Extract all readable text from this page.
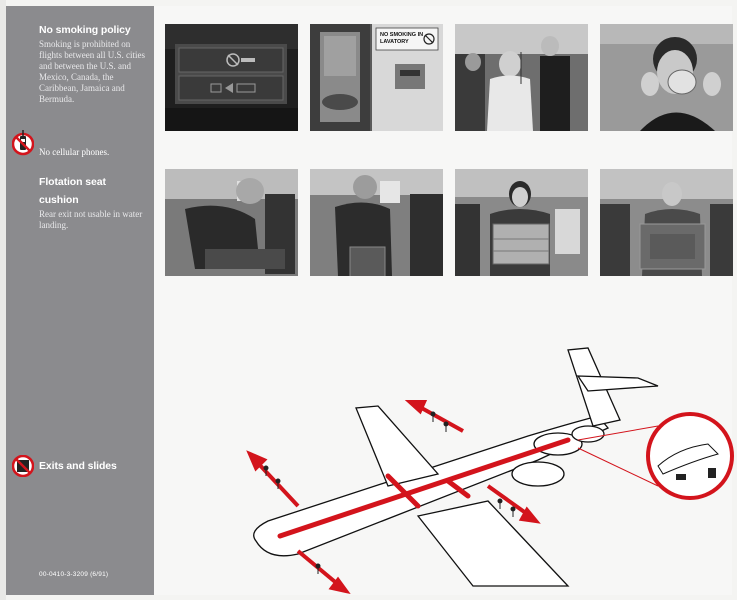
No smoking policy
Smoking is prohibited on flights between all U.S. cities and between the U.S. and Mexico, Canada, the Caribbean, Jamaica and Bermuda.
No cellular phones.
Flotation seat
cushion
Rear exit not usable in water landing.
Exits and slides
00-0410-3-3209 (6/91)
NO SMOKING IN LAVATORY
